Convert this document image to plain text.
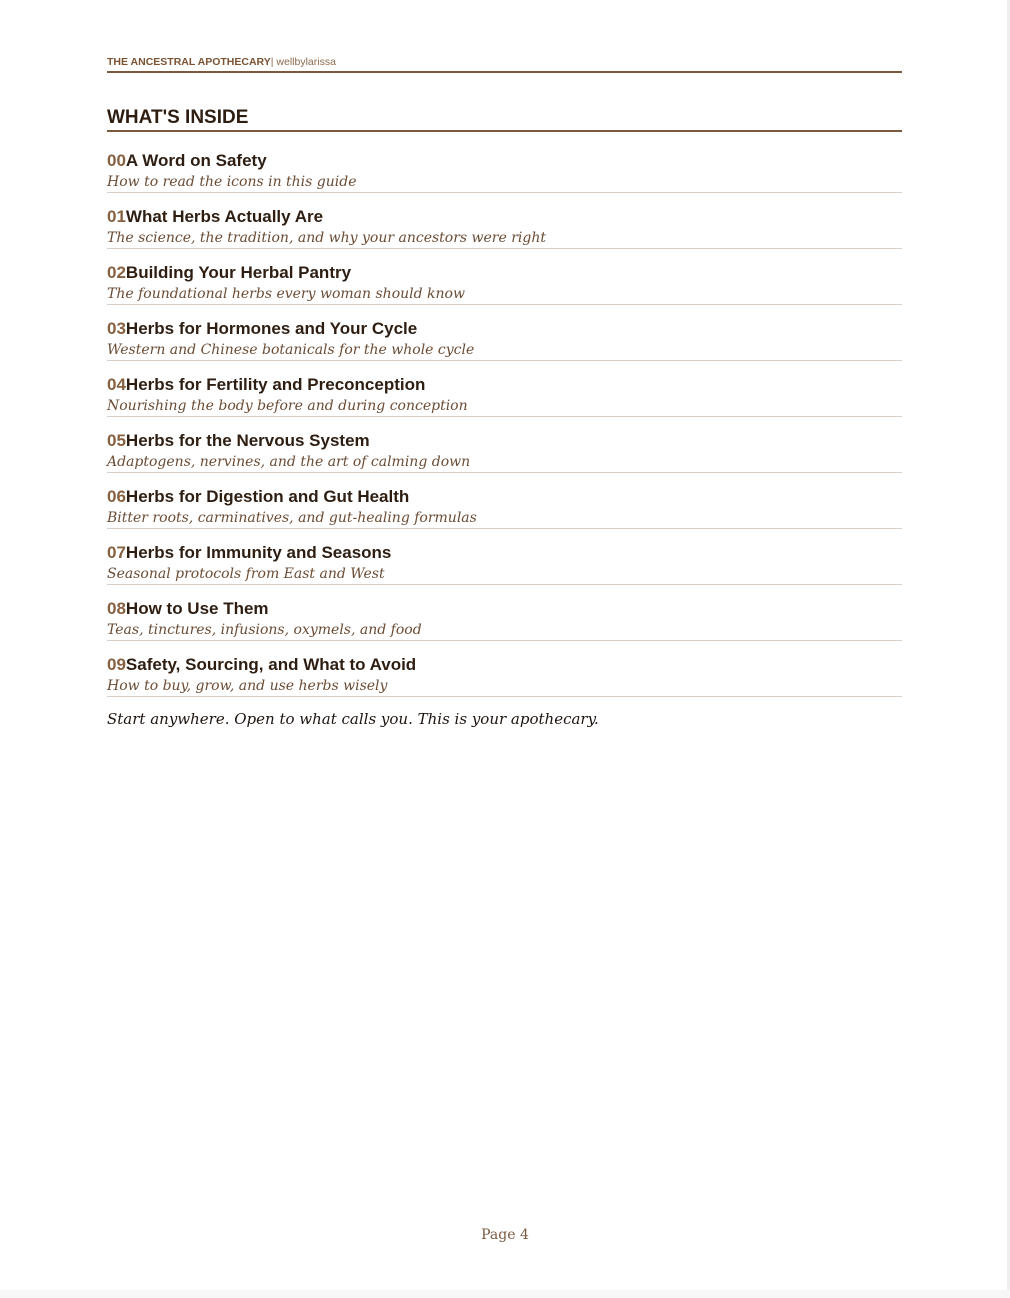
THE ANCESTRAL APOTHECARY| wellbylarissa
WHAT'S INSIDE
00A Word on Safety
How to read the icons in this guide
01What Herbs Actually Are
The science, the tradition, and why your ancestors were right
02Building Your Herbal Pantry
The foundational herbs every woman should know
03Herbs for Hormones and Your Cycle
Western and Chinese botanicals for the whole cycle
04Herbs for Fertility and Preconception
Nourishing the body before and during conception
05Herbs for the Nervous System
Adaptogens, nervines, and the art of calming down
06Herbs for Digestion and Gut Health
Bitter roots, carminatives, and gut-healing formulas
07Herbs for Immunity and Seasons
Seasonal protocols from East and West
08How to Use Them
Teas, tinctures, infusions, oxymels, and food
09Safety, Sourcing, and What to Avoid
How to buy, grow, and use herbs wisely
Start anywhere. Open to what calls you. This is your apothecary.
Page 4
